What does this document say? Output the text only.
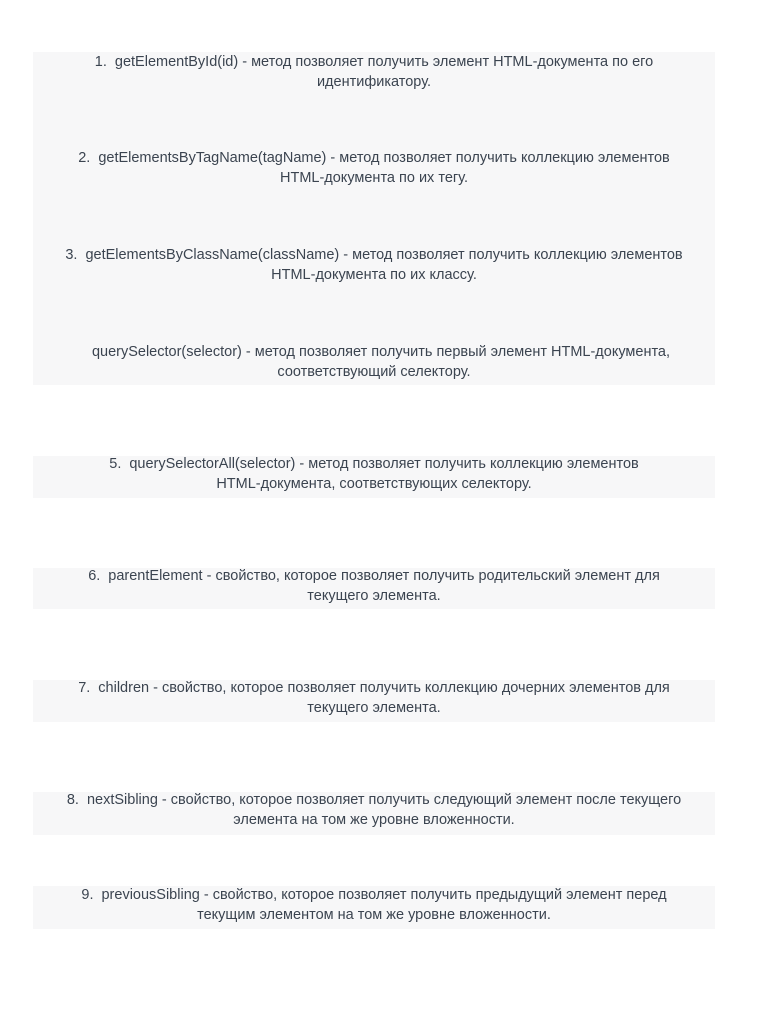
1. getElementById(id) - метод позволяет получить элемент HTML-документа по его
идентификатору.
2. getElementsByTagName(tagName) - метод позволяет получить коллекцию элементов
HTML-документа по их тегу.
3. getElementsByClassName(className) - метод позволяет получить коллекцию элементов
HTML-документа по их классу.
querySelector(selector) - метод позволяет получить первый элемент HTML-документа,
соответствующий селектору.
5. querySelectorAll(selector) - метод позволяет получить коллекцию элементов
HTML-документа, соответствующих селектору.
6. parentElement - свойство, которое позволяет получить родительский элемент для
текущего элемента.
7. children - свойство, которое позволяет получить коллекцию дочерних элементов для
текущего элемента.
8. nextSibling - свойство, которое позволяет получить следующий элемент после текущего
элемента на том же уровне вложенности.
9. previousSibling - свойство, которое позволяет получить предыдущий элемент перед
текущим элементом на том же уровне вложенности.
